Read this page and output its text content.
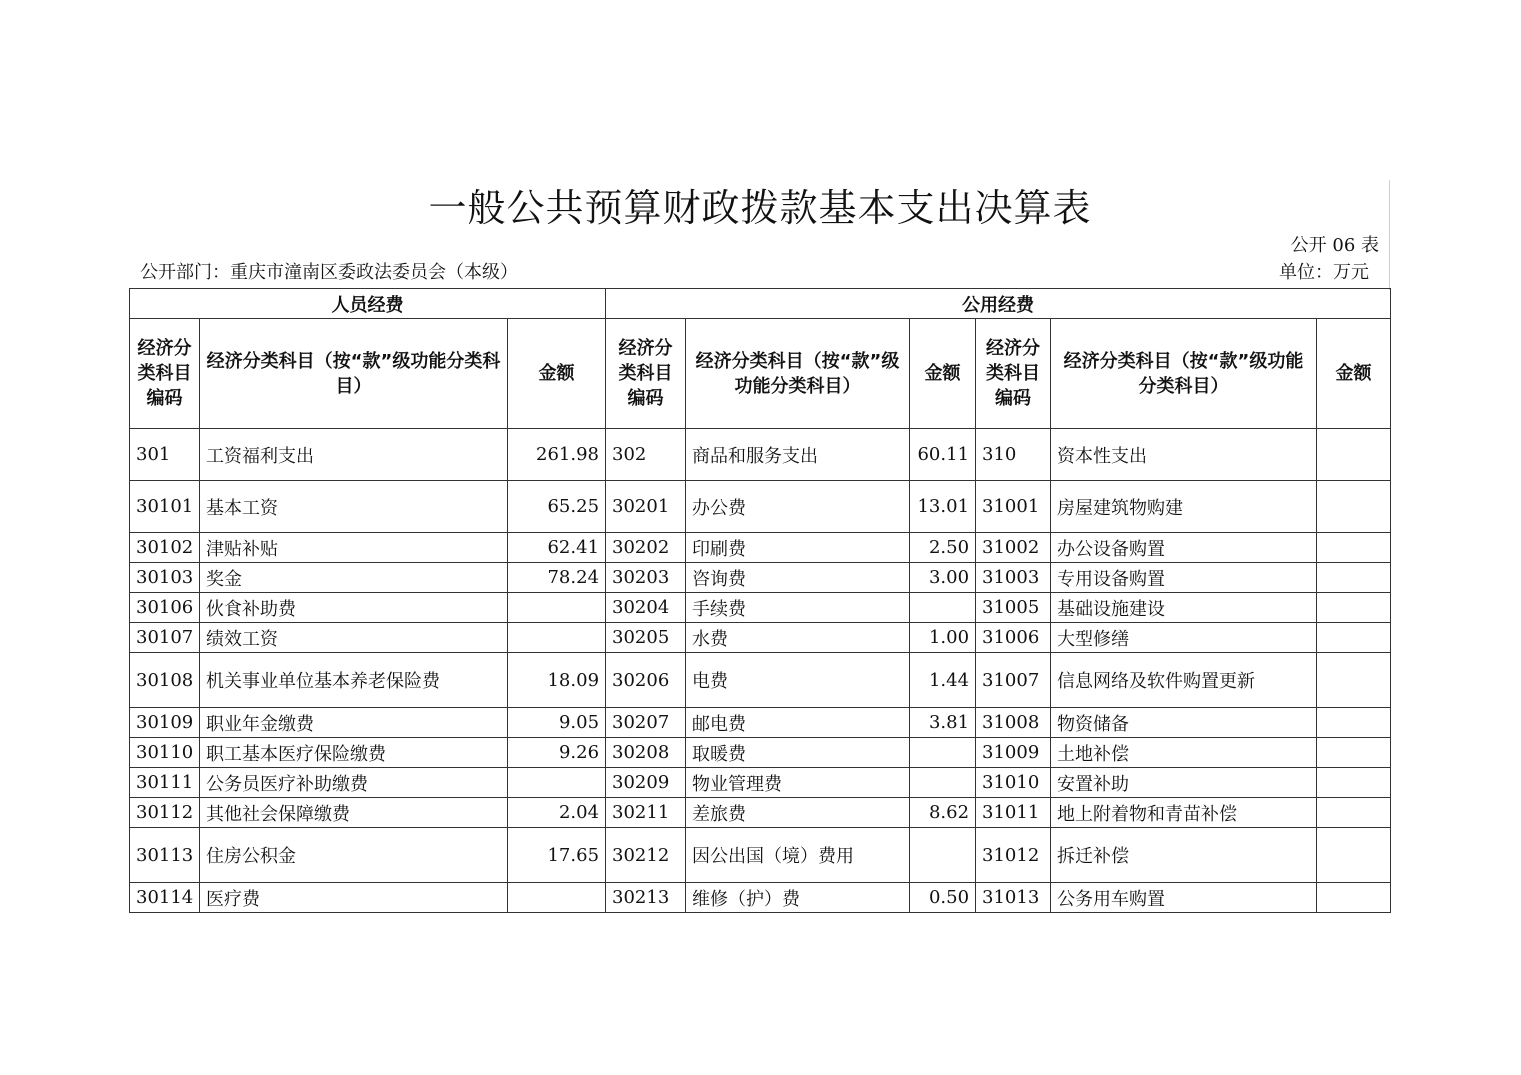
一般公共预算财政拨款基本支出决算表
公开 06 表
公开部门：重庆市潼南区委政法委员会（本级）	单位：万元
人员经费			公用经费					
经济分类科目编码	经济分类科目（按“款”级功能分类科目）	金额	经济分类科目编码	经济分类科目（按“款”级功能分类科目）	金额	经济分类科目编码	经济分类科目（按“款”级功能分类科目）	金额
301	工资福利支出	261.98	302	商品和服务支出	60.11	310	资本性支出	
30101	基本工资	65.25	30201	办公费	13.01	31001	房屋建筑物购建	
30102	津贴补贴	62.41	30202	印刷费	2.50	31002	办公设备购置	
30103	奖金	78.24	30203	咨询费	3.00	31003	专用设备购置	
30106	伙食补助费		30204	手续费		31005	基础设施建设	
30107	绩效工资		30205	水费	1.00	31006	大型修缮	
30108	机关事业单位基本养老保险费	18.09	30206	电费	1.44	31007	信息网络及软件购置更新	
30109	职业年金缴费	9.05	30207	邮电费	3.81	31008	物资储备	
30110	职工基本医疗保险缴费	9.26	30208	取暖费		31009	土地补偿	
30111	公务员医疗补助缴费		30209	物业管理费		31010	安置补助	
30112	其他社会保障缴费	2.04	30211	差旅费	8.62	31011	地上附着物和青苗补偿	
30113	住房公积金	17.65	30212	因公出国（境）费用		31012	拆迁补偿	
30114	医疗费		30213	维修（护）费	0.50	31013	公务用车购置	
